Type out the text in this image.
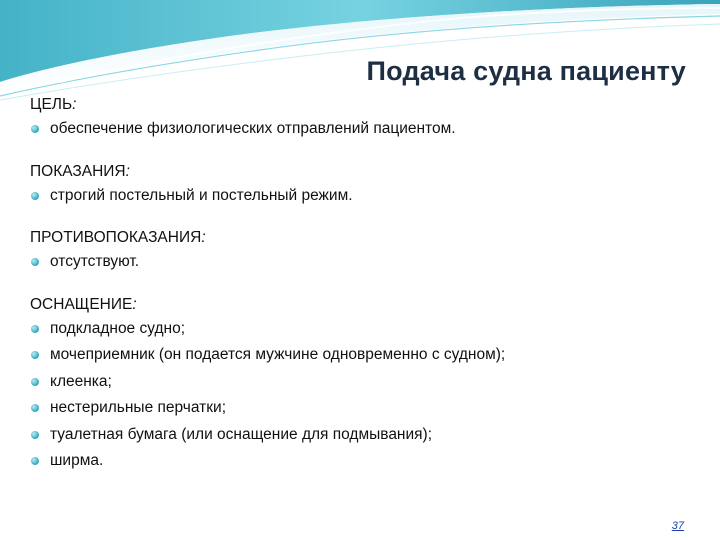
Подача судна пациенту
ЦЕЛЬ:
обеспечение физиологических отправлений пациентом.
ПОКАЗАНИЯ:
строгий постельный и постельный режим.
ПРОТИВОПОКАЗАНИЯ:
отсутствуют.
ОСНАЩЕНИЕ:
подкладное судно;
мочеприемник (он подается мужчине одновременно с судном);
клеенка;
нестерильные перчатки;
туалетная бумага (или оснащение для подмывания);
ширма.
37
